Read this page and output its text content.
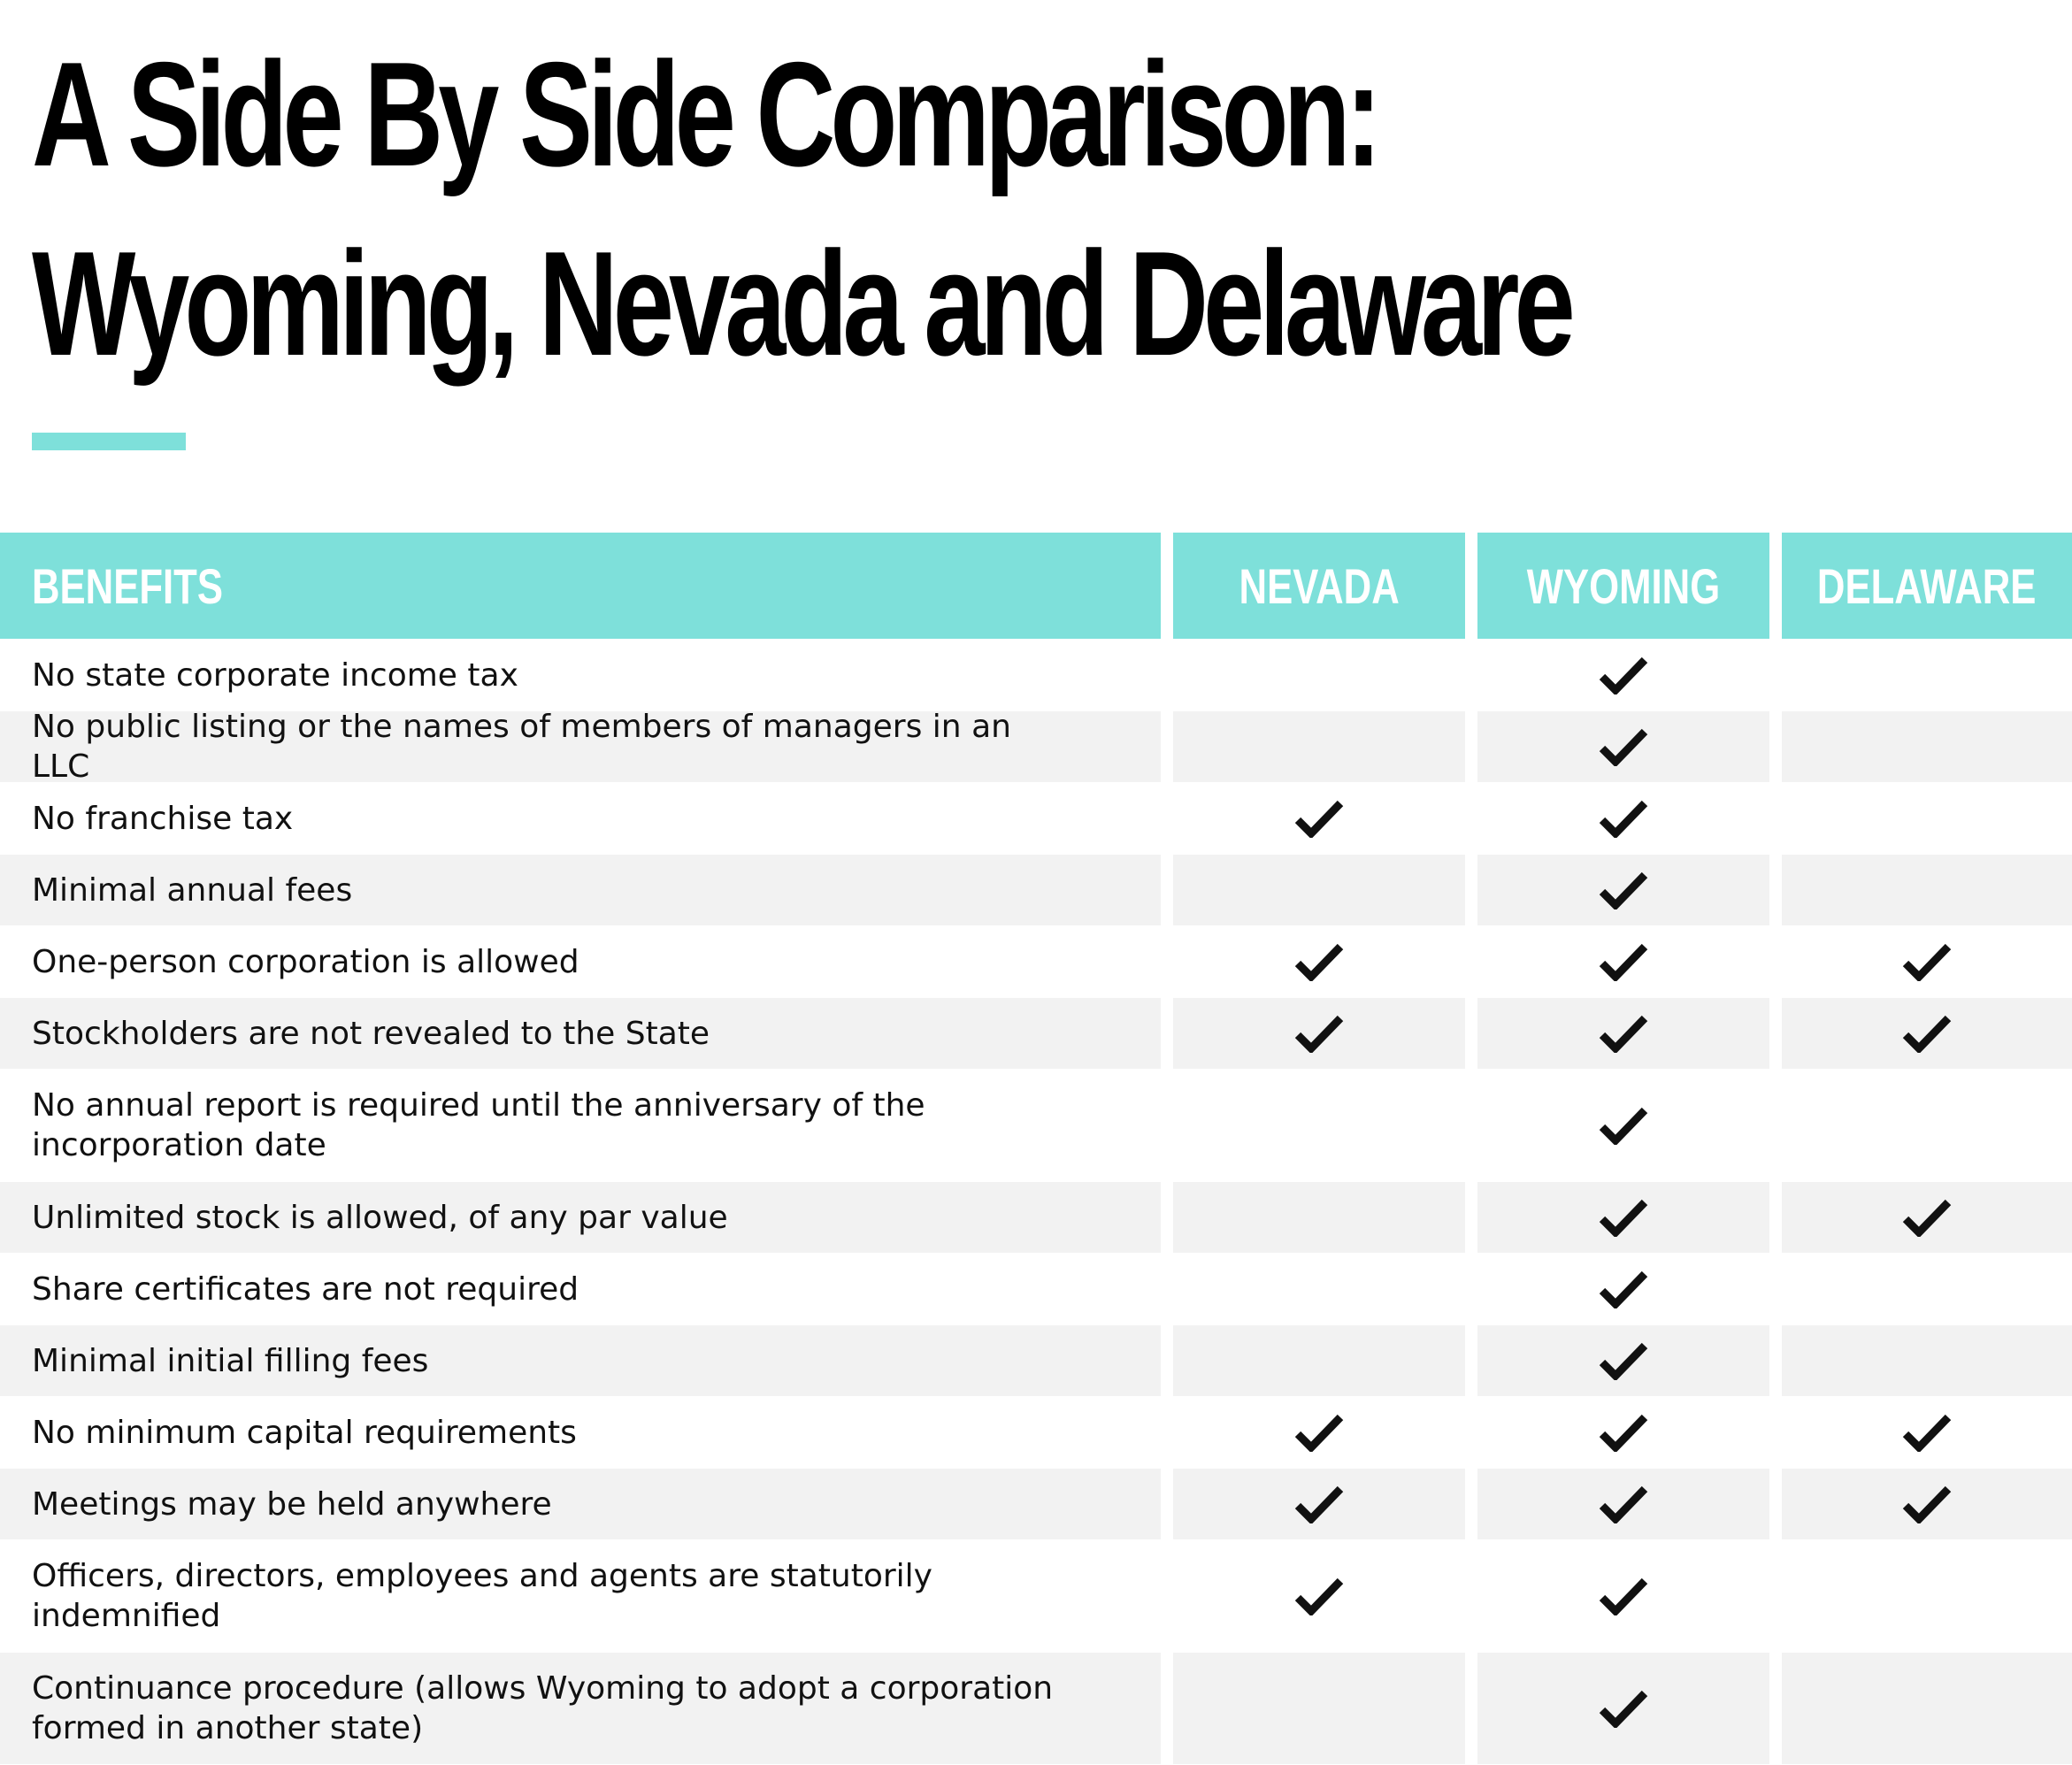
A Side By Side Comparison:
Wyoming, Nevada and Delaware
BENEFITS	NEVADA	WYOMING DELAWARE
No state corporate income tax
No public listing or the names of members of managers in an LLC
No franchise tax
Minimal annual fees
One-person corporation is allowed
Stockholders are not revealed to the State
No annual report is required until the anniversary of the incorporation date
Unlimited stock is allowed, of any par value
Share certificates are not required
Minimal initial filling fees
No minimum capital requirements
Meetings may be held anywhere
Officers, directors, employees and agents are statutorily indemnified
Continuance procedure (allows Wyoming to adopt a corporation formed in another state)
